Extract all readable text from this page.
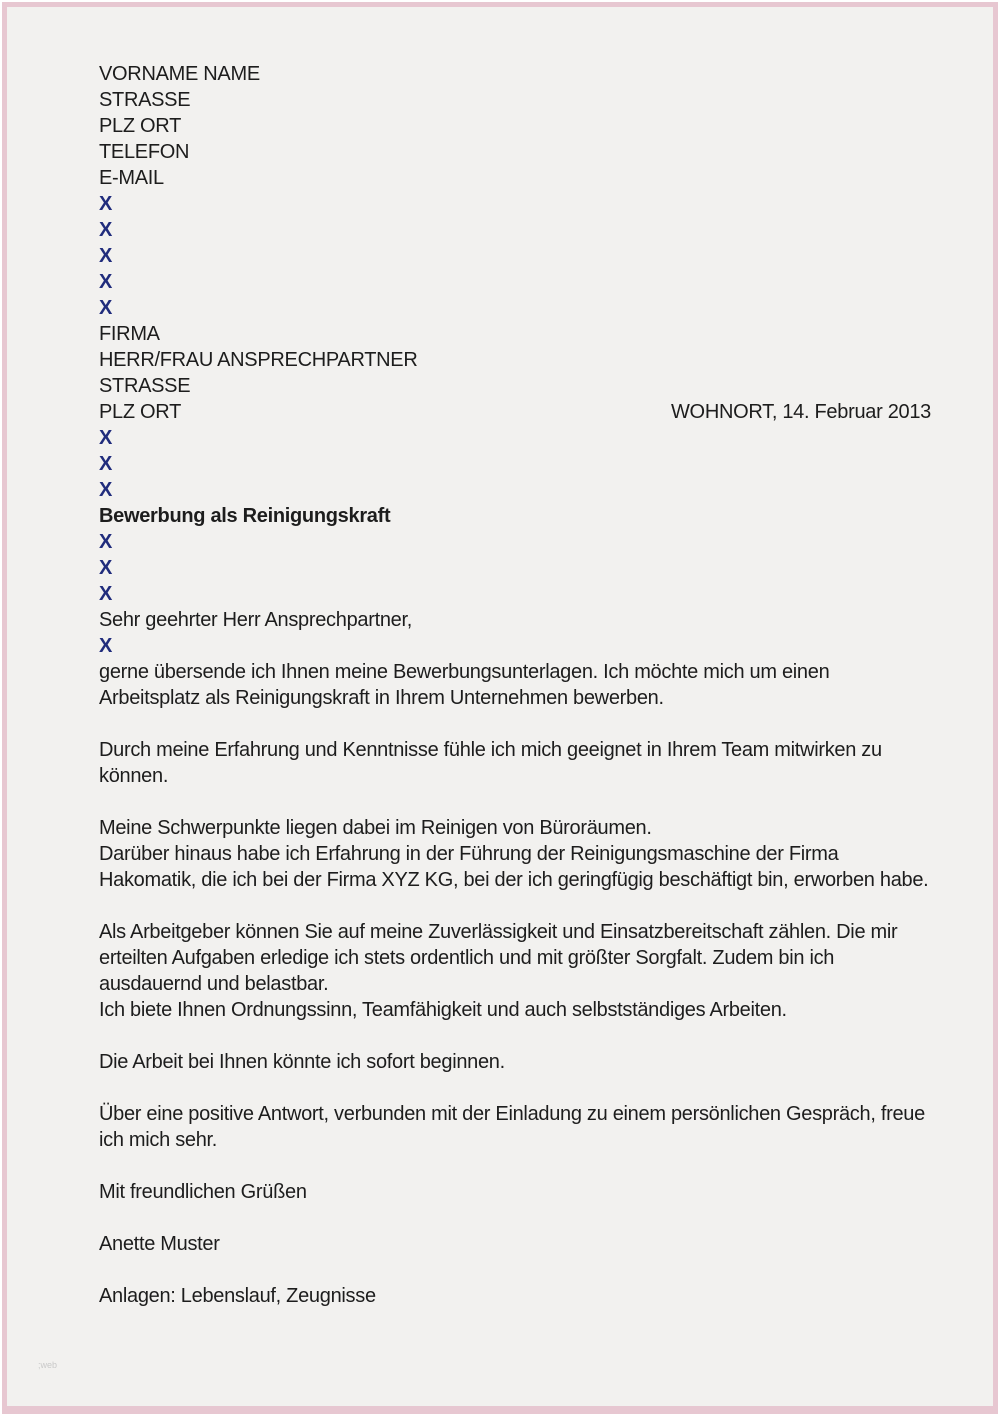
VORNAME NAME
STRASSE
PLZ ORT
TELEFON
E-MAIL
X
X
X
X
X
FIRMA
HERR/FRAU ANSPRECHPARTNER
STRASSE
PLZ ORT	WOHNORT, 14. Februar 2013
X
X
X
Bewerbung als Reinigungskraft
X
X
X
Sehr geehrter Herr Ansprechpartner,
X
gerne übersende ich Ihnen meine Bewerbungsunterlagen. Ich möchte mich um einen Arbeitsplatz als Reinigungskraft in Ihrem Unternehmen bewerben.
Durch meine Erfahrung und Kenntnisse fühle ich mich geeignet in Ihrem Team mitwirken zu können.
Meine Schwerpunkte liegen dabei im Reinigen von Büroräumen.
Darüber hinaus habe ich Erfahrung in der Führung der Reinigungsmaschine der Firma Hakomatik, die ich bei der Firma XYZ KG, bei der ich geringfügig beschäftigt bin, erworben habe.
Als Arbeitgeber können Sie auf meine Zuverlässigkeit und Einsatzbereitschaft zählen. Die mir erteilten Aufgaben erledige ich stets ordentlich und mit größter Sorgfalt. Zudem bin ich ausdauernd und belastbar.
Ich biete Ihnen Ordnungssinn, Teamfähigkeit und auch selbstständiges Arbeiten.
Die Arbeit bei Ihnen könnte ich sofort beginnen.
Über eine positive Antwort, verbunden mit der Einladung zu einem persönlichen Gespräch, freue ich mich sehr.
Mit freundlichen Grüßen
Anette Muster
Anlagen: Lebenslauf, Zeugnisse
;web
